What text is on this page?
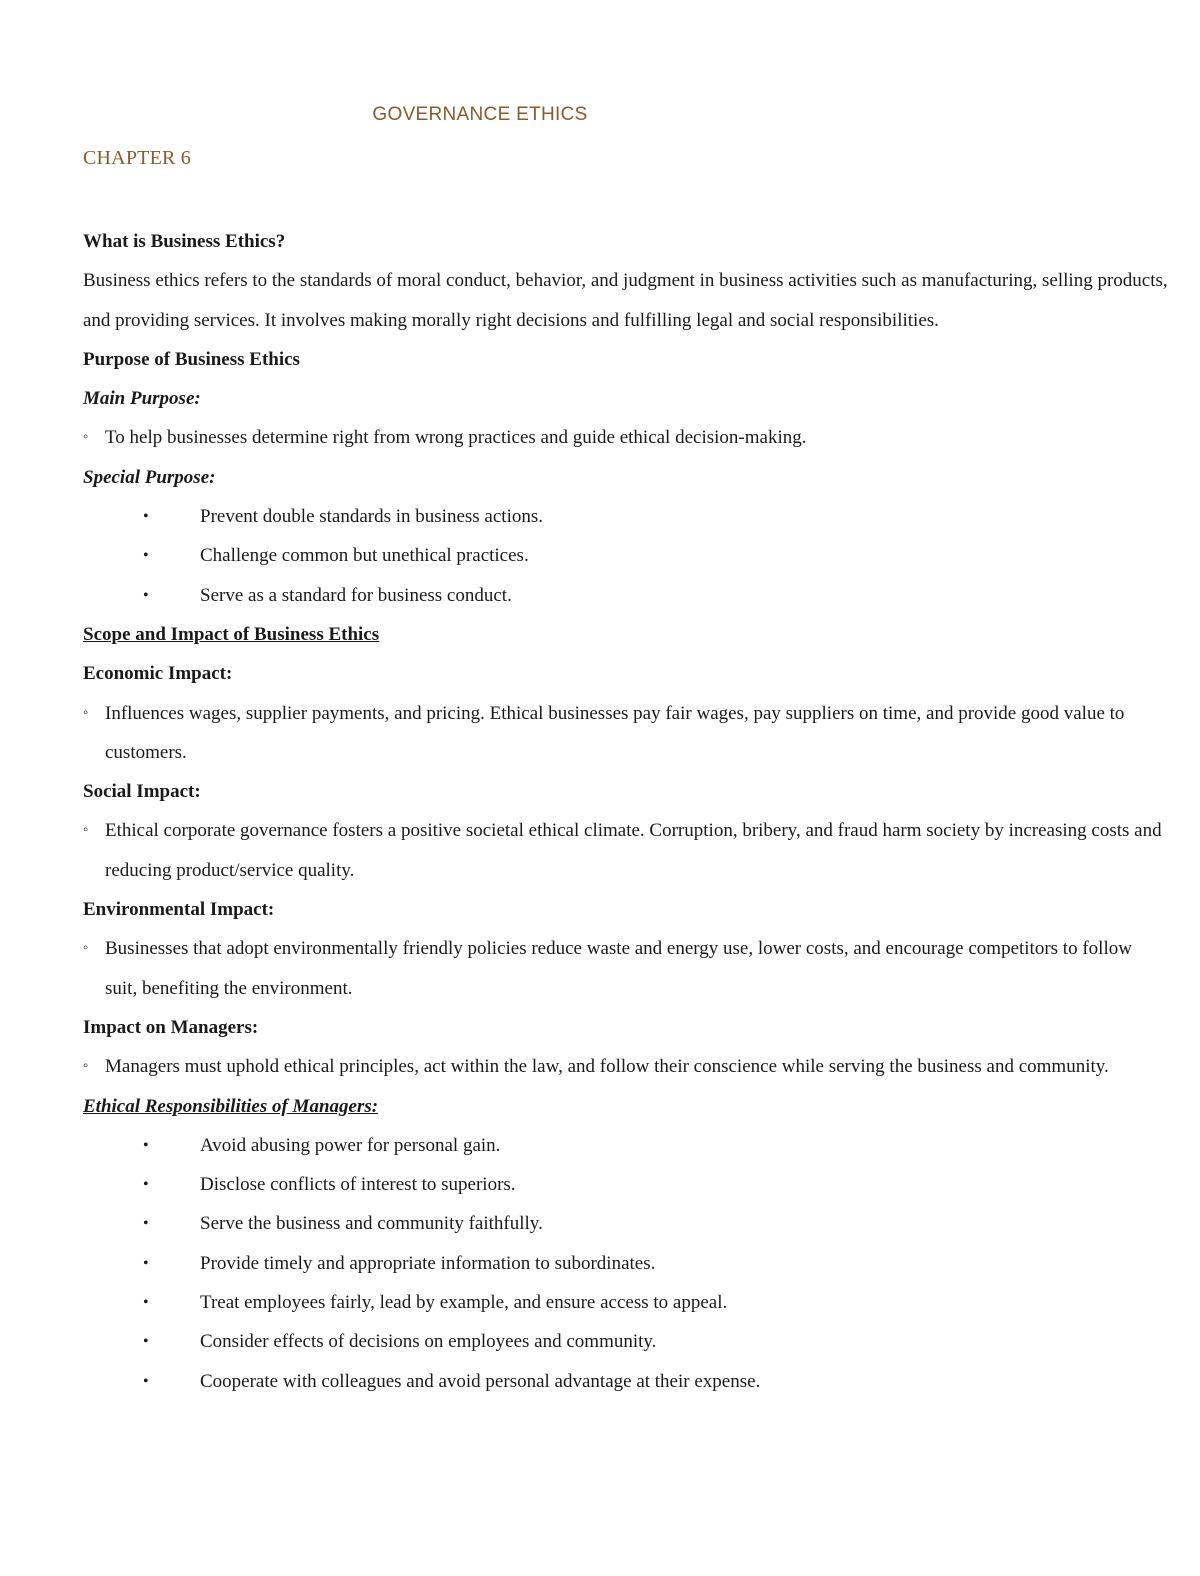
GOVERNANCE ETHICS
CHAPTER 6

What is Business Ethics?

Business ethics refers to the standards of moral conduct, behavior, and judgment in business activities such as manufacturing, selling products, and providing services. It involves making morally right decisions and fulfilling legal and social responsibilities.

Purpose of Business Ethics

Main Purpose:

◦ To help businesses determine right from wrong practices and guide ethical decision-making.

Special Purpose:

• Prevent double standards in business actions.

• Challenge common but unethical practices.

• Serve as a standard for business conduct.

Scope and Impact of Business Ethics

Economic Impact:

◦ Influences wages, supplier payments, and pricing. Ethical businesses pay fair wages, pay suppliers on time, and provide good value to customers.

Social Impact:

◦ Ethical corporate governance fosters a positive societal ethical climate. Corruption, bribery, and fraud harm society by increasing costs and reducing product/service quality.

Environmental Impact:

◦ Businesses that adopt environmentally friendly policies reduce waste and energy use, lower costs, and encourage competitors to follow suit, benefiting the environment.

Impact on Managers:

◦ Managers must uphold ethical principles, act within the law, and follow their conscience while serving the business and community.

Ethical Responsibilities of Managers:

• Avoid abusing power for personal gain.

• Disclose conflicts of interest to superiors.

• Serve the business and community faithfully.

• Provide timely and appropriate information to subordinates.

• Treat employees fairly, lead by example, and ensure access to appeal.

• Consider effects of decisions on employees and community.

• Cooperate with colleagues and avoid personal advantage at their expense.
